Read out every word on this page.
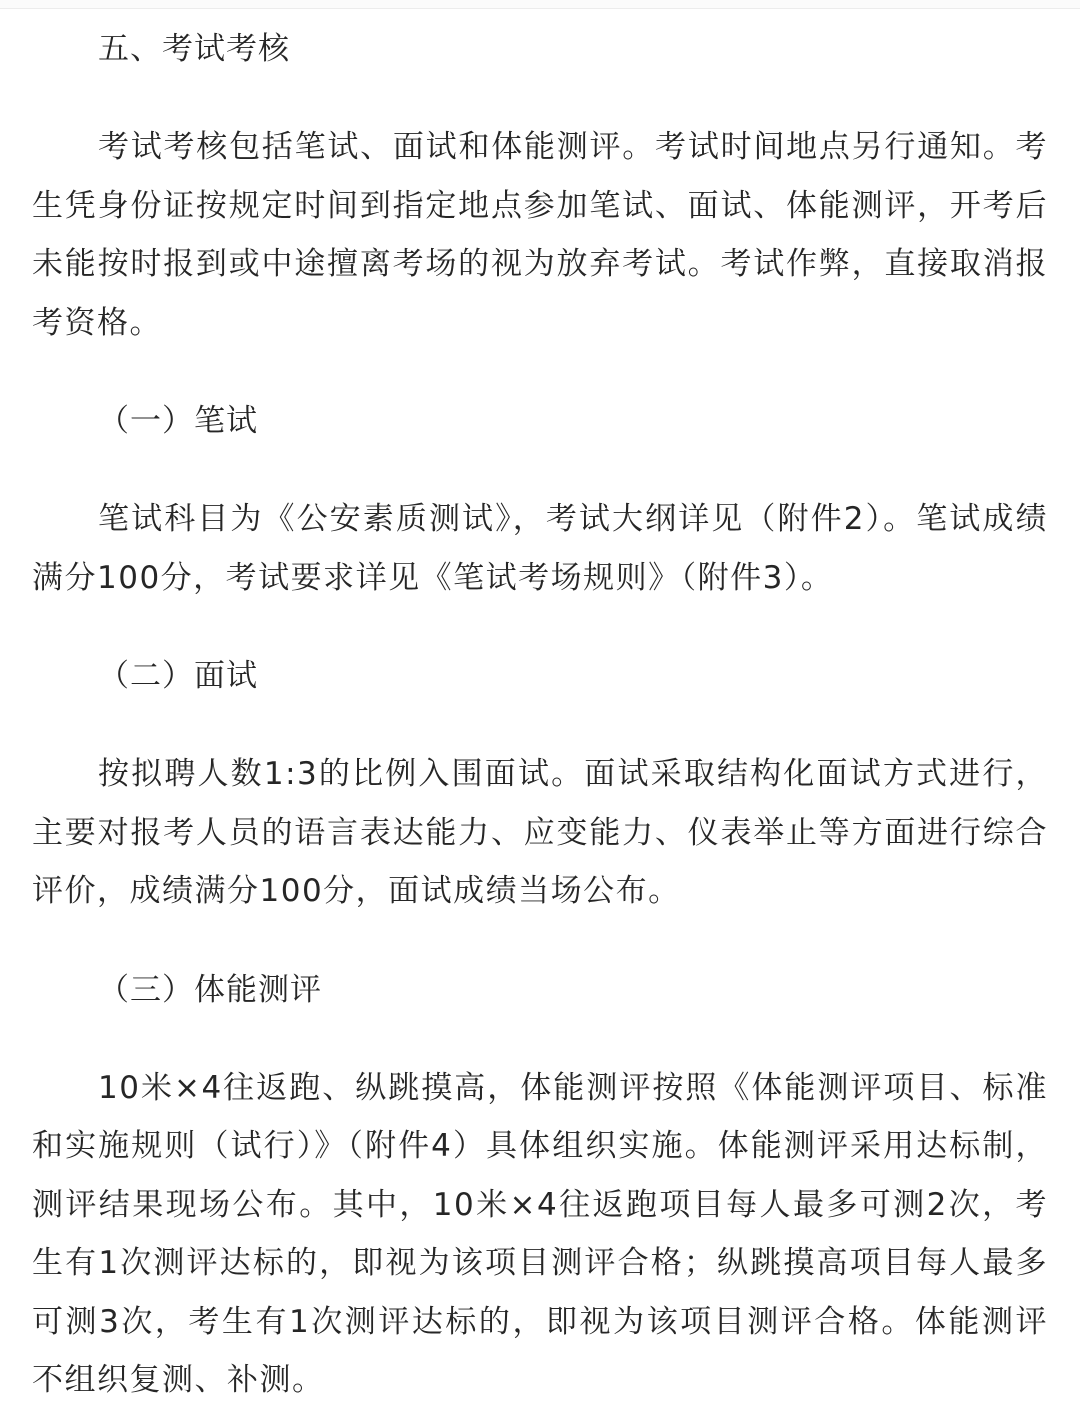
五、考试考核

考试考核包括笔试、面试和体能测评。考试时间地点另行通知。考生凭身份证按规定时间到指定地点参加笔试、面试、体能测评，开考后未能按时报到或中途擅离考场的视为放弃考试。考试作弊，直接取消报考资格。

（一）笔试

笔试科目为《公安素质测试》，考试大纲详见（附件2）。笔试成绩满分100分，考试要求详见《笔试考场规则》（附件3）。

（二）面试

按拟聘人数1:3的比例入围面试。面试采取结构化面试方式进行，主要对报考人员的语言表达能力、应变能力、仪表举止等方面进行综合评价，成绩满分100分，面试成绩当场公布。

（三）体能测评

10米×4往返跑、纵跳摸高，体能测评按照《体能测评项目、标准和实施规则（试行）》（附件4）具体组织实施。体能测评采用达标制，测评结果现场公布。其中，10米×4往返跑项目每人最多可测2次，考生有1次测评达标的，即视为该项目测评合格；纵跳摸高项目每人最多可测3次，考生有1次测评达标的，即视为该项目测评合格。体能测评不组织复测、补测。
